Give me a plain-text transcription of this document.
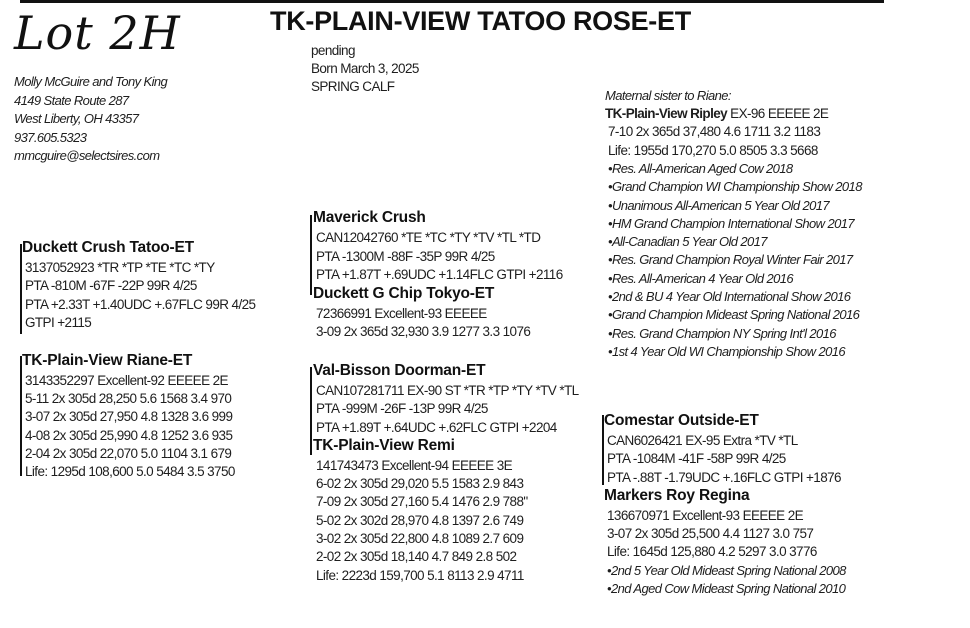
Lot 2H	TK-PLAIN-VIEW TATOO ROSE-ET
pending
Born March 3, 2025
SPRING CALF
Molly McGuire and Tony King
4149 State Route 287
West Liberty, OH 43357
937.605.5323
mmcguire@selectsires.com
Duckett Crush Tatoo-ET
3137052923 *TR *TP *TE *TC *TY
PTA -810M -67F -22P 99R 4/25
PTA +2.33T +1.40UDC +.67FLC 99R 4/25
GTPI +2115
TK-Plain-View Riane-ET
3143352297 Excellent-92 EEEEE 2E
5-11 2x 305d 28,250 5.6 1568 3.4 970
3-07 2x 305d 27,950 4.8 1328 3.6 999
4-08 2x 305d 25,990 4.8 1252 3.6 935
2-04 2x 305d 22,070 5.0 1104 3.1 679
Life: 1295d 108,600 5.0 5484 3.5 3750
Maverick Crush
CAN12042760 *TE *TC *TY *TV *TL *TD
PTA -1300M -88F -35P 99R 4/25
PTA +1.87T +.69UDC +1.14FLC GTPI +2116
Duckett G Chip Tokyo-ET
72366991 Excellent-93 EEEEE
3-09 2x 365d 32,930 3.9 1277 3.3 1076
Val-Bisson Doorman-ET
CAN107281711 EX-90 ST *TR *TP *TY *TV *TL
PTA -999M -26F -13P 99R 4/25
PTA +1.89T +.64UDC +.62FLC GTPI +2204
TK-Plain-View Remi
141743473 Excellent-94 EEEEE 3E
6-02 2x 305d 29,020 5.5 1583 2.9 843
7-09 2x 305d 27,160 5.4 1476 2.9 788"
5-02 2x 302d 28,970 4.8 1397 2.6 749
3-02 2x 305d 22,800 4.8 1089 2.7 609
2-02 2x 305d 18,140 4.7 849 2.8 502
Life: 2223d 159,700 5.1 8113 2.9 4711
Maternal sister to Riane:
TK-Plain-View Ripley EX-96 EEEEE 2E
7-10 2x 365d 37,480 4.6 1711 3.2 1183
Life: 1955d 170,270 5.0 8505 3.3 5668
•Res. All-American Aged Cow 2018
•Grand Champion WI Championship Show 2018
•Unanimous All-American 5 Year Old 2017
•HM Grand Champion International Show 2017
•All-Canadian 5 Year Old 2017
•Res. Grand Champion Royal Winter Fair 2017
•Res. All-American 4 Year Old 2016
•2nd & BU 4 Year Old International Show 2016
•Grand Champion Mideast Spring National 2016
•Res. Grand Champion NY Spring Int'l 2016
•1st 4 Year Old WI Championship Show 2016
Comestar Outside-ET
CAN6026421 EX-95 Extra *TV *TL
PTA -1084M -41F -58P 99R 4/25
PTA -.88T -1.79UDC +.16FLC GTPI +1876
Markers Roy Regina
136670971 Excellent-93 EEEEE 2E
3-07 2x 305d 25,500 4.4 1127 3.0 757
Life: 1645d 125,880 4.2 5297 3.0 3776
•2nd 5 Year Old Mideast Spring National 2008
•2nd Aged Cow Mideast Spring National 2010
